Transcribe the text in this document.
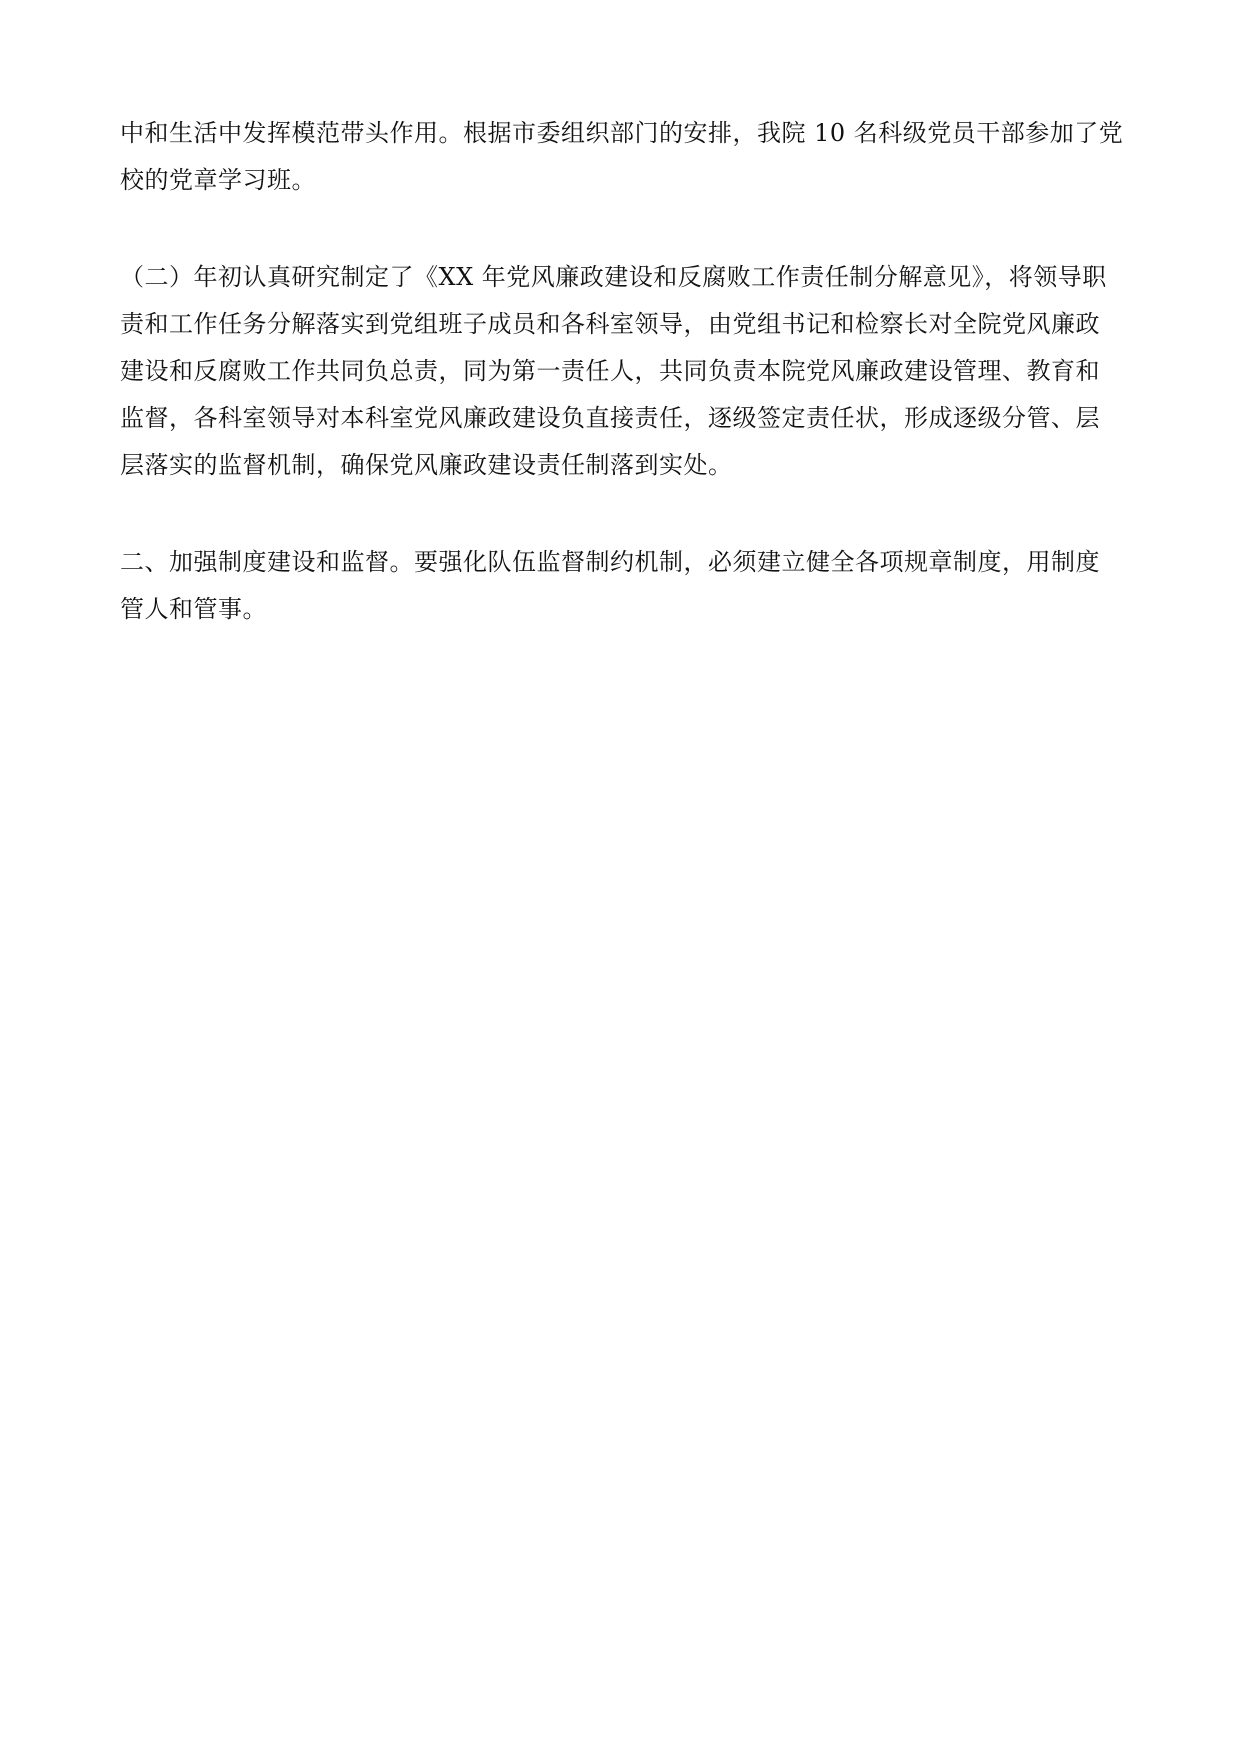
中和生活中发挥模范带头作用。根据市委组织部门的安排，我院 10 名科级党员干部参加了党
校的党章学习班。

（二）年初认真研究制定了《XX 年党风廉政建设和反腐败工作责任制分解意见》，将领导职
责和工作任务分解落实到党组班子成员和各科室领导，由党组书记和检察长对全院党风廉政
建设和反腐败工作共同负总责，同为第一责任人，共同负责本院党风廉政建设管理、教育和
监督，各科室领导对本科室党风廉政建设负直接责任，逐级签定责任状，形成逐级分管、层
层落实的监督机制，确保党风廉政建设责任制落到实处。

二、加强制度建设和监督。要强化队伍监督制约机制，必须建立健全各项规章制度，用制度
管人和管事。
